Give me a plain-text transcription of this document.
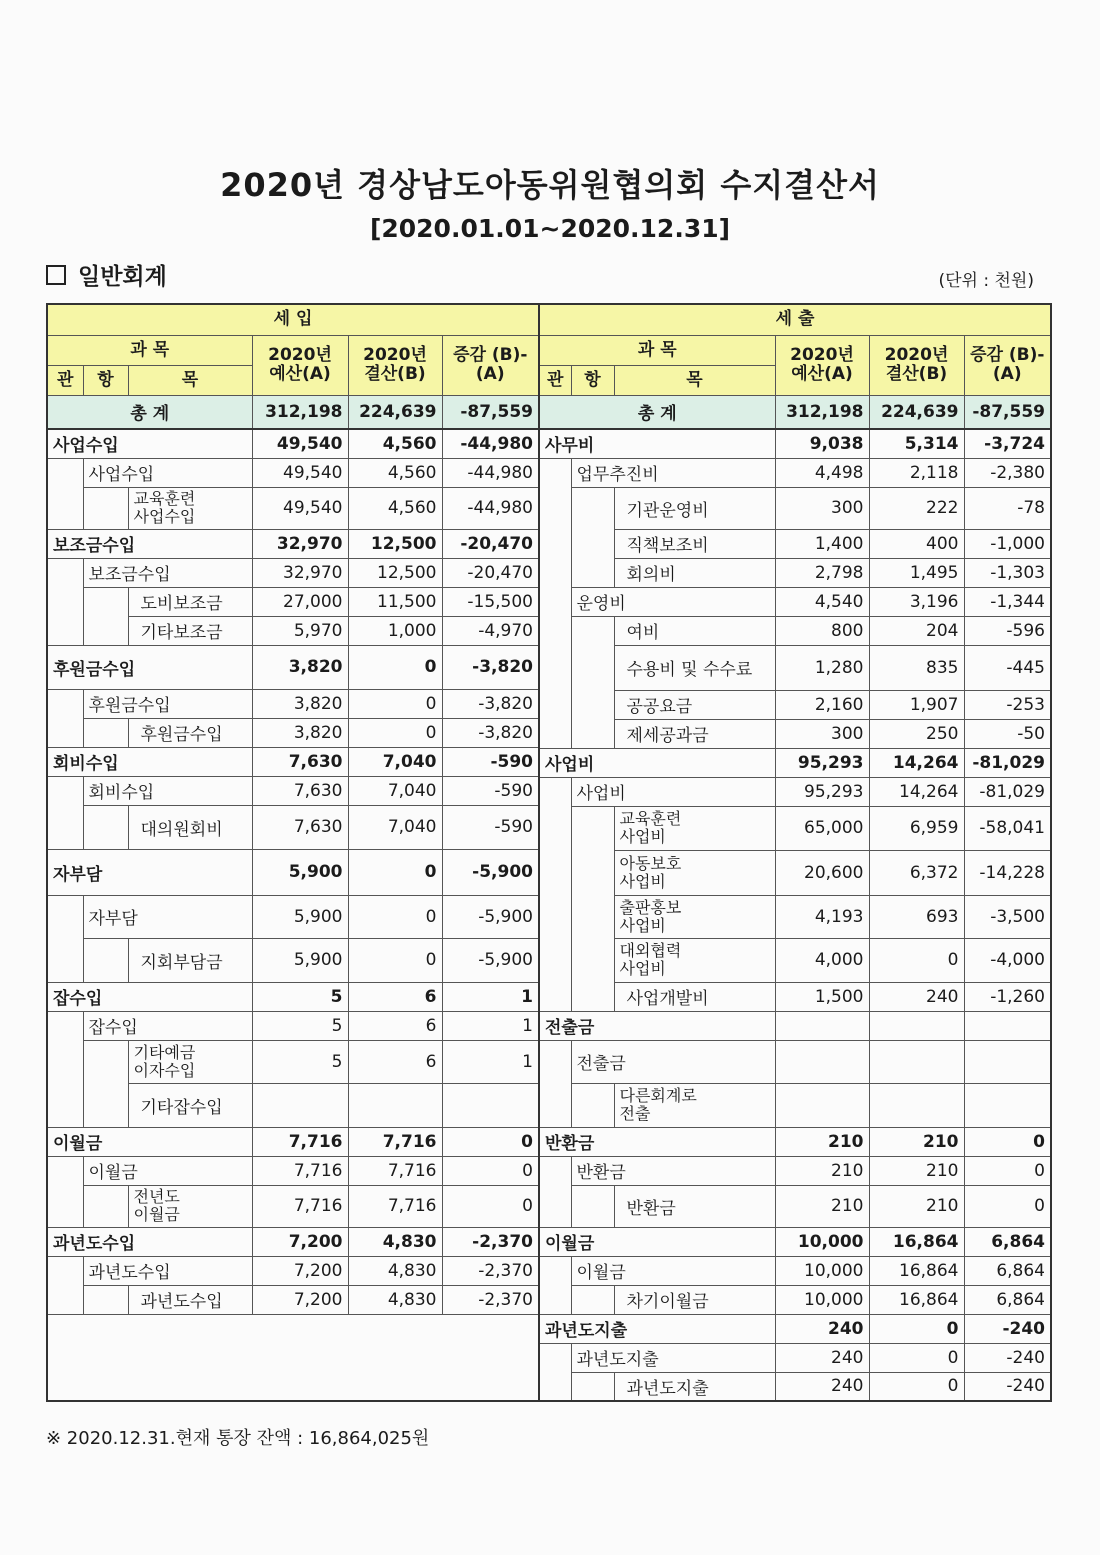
2020년 경상남도아동위원협의회 수지결산서
[2020.01.01~2020.12.31]
일반회계	(단위 : 천원)
세 입					
과 목			2020년 예산(A)	2020년 결산(B)	증감 (B)-(A)
관	항	목			
총 계			312,198	224,639	-87,559
사업수입			49,540	4,560	-44,980
	사업수입		49,540	4,560	-44,980

		교육훈련
사업수입	49,540	4,560	-44,980
보조금수입			32,970	12,500	-20,470
	보조금수입		32,970	12,500	-20,470
		도비보조금	27,000	11,500	-15,500
		기타보조금	5,970	1,000	-4,970
후원금수입			3,820	0	-3,820
	후원금수입		3,820	0	-3,820
		후원금수입	3,820	0	-3,820
회비수입			7,630	7,040	-590
	회비수입		7,630	7,040	-590
		대의원회비	7,630	7,040	-590
자부담			5,900	0	-5,900
	자부담		5,900	0	-5,900
		지회부담금	5,900	0	-5,900
잡수입			5	6	1
	잡수입		5	6	1

		기타예금
이자수입	5	6	1
		기타잡수입			
이월금			7,716	7,716	0
	이월금		7,716	7,716	0

		전년도
이월금	7,716	7,716	0
과년도수입			7,200	4,830	-2,370
	과년도수입		7,200	4,830	-2,370
		과년도수입	7,200	4,830	-2,370

세 출					
과 목			2020년 예산(A)	2020년 결산(B)	증감 (B)-(A)
관	항	목			
총 계			312,198	224,639	-87,559
사무비			9,038	5,314	-3,724
	업무추진비		4,498	2,118	-2,380
		기관운영비	300	222	-78
		직책보조비	1,400	400	-1,000
		회의비	2,798	1,495	-1,303
	운영비		4,540	3,196	-1,344
		여비	800	204	-596
		수용비 및 수수료	1,280	835	-445
		공공요금	2,160	1,907	-253
		제세공과금	300	250	-50
사업비			95,293	14,264	-81,029
	사업비		95,293	14,264	-81,029

		교육훈련
사업비	65,000	6,959	-58,041

		아동보호
사업비	20,600	6,372	-14,228

		출판홍보
사업비	4,193	693	-3,500

		대외협력
사업비	4,000	0	-4,000
		사업개발비	1,500	240	-1,260
전출금					
	전출금				

		다른회계로
전출			

반환금			210	210	0
	반환금		210	210	0
		반환금	210	210	0
이월금			10,000	16,864	6,864
	이월금		10,000	16,864	6,864
		차기이월금	10,000	16,864	6,864
과년도지출			240	0	-240
	과년도지출		240	0	-240
		과년도지출	240	0	-240
※ 2020.12.31.현재 통장 잔액 : 16,864,025원
